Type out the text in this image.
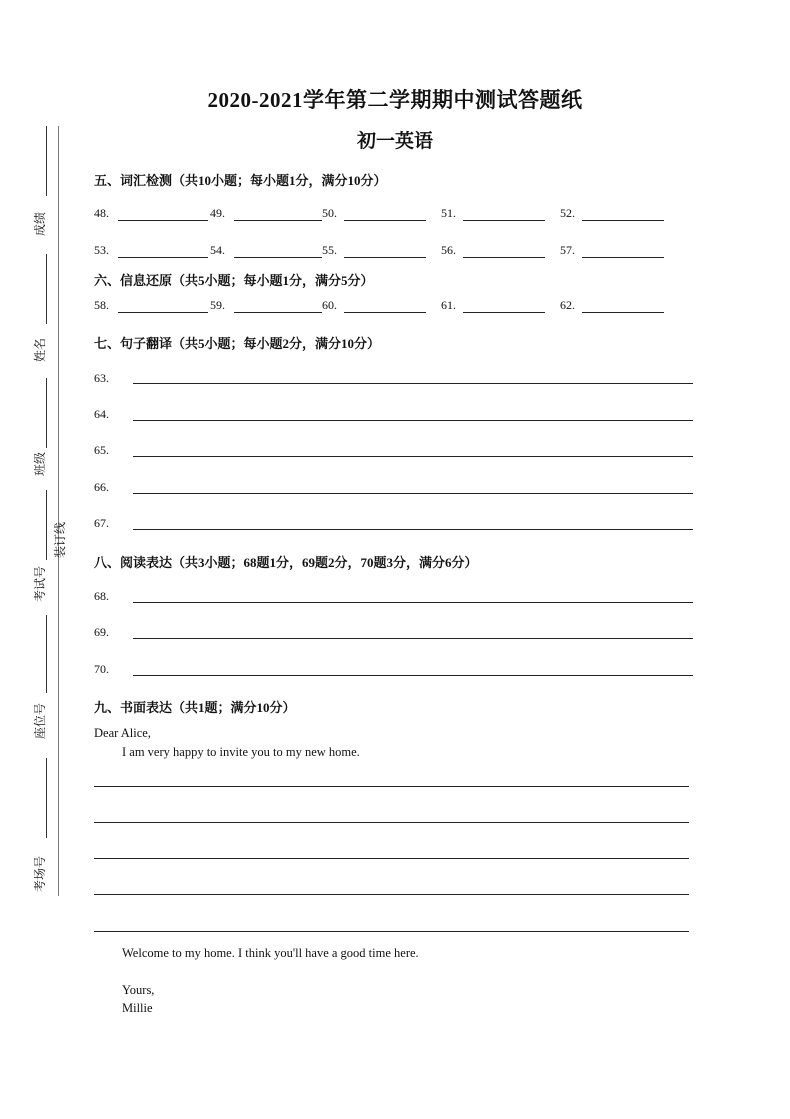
2020-2021学年第二学期期中测试答题纸
初一英语
成绩
姓名
班级
装订线
考试号
座位号
考场号
五、词汇检测（共10小题；每小题1分，满分10分）
48.	49.	50.	51.	52.
53.	54.	55.	56.	57.
六、信息还原（共5小题；每小题1分，满分5分）
58.	59.	60.	61.	62.
七、句子翻译（共5小题；每小题2分，满分10分）
63.
64.
65.
66.
67.
八、阅读表达（共3小题；68题1分，69题2分，70题3分，满分6分）
68.
69.
70.
九、书面表达（共1题；满分10分）
Dear Alice,
I am very happy to invite you to my new home.
Welcome to my home. I think you'll have a good time here.
Yours,
Millie
